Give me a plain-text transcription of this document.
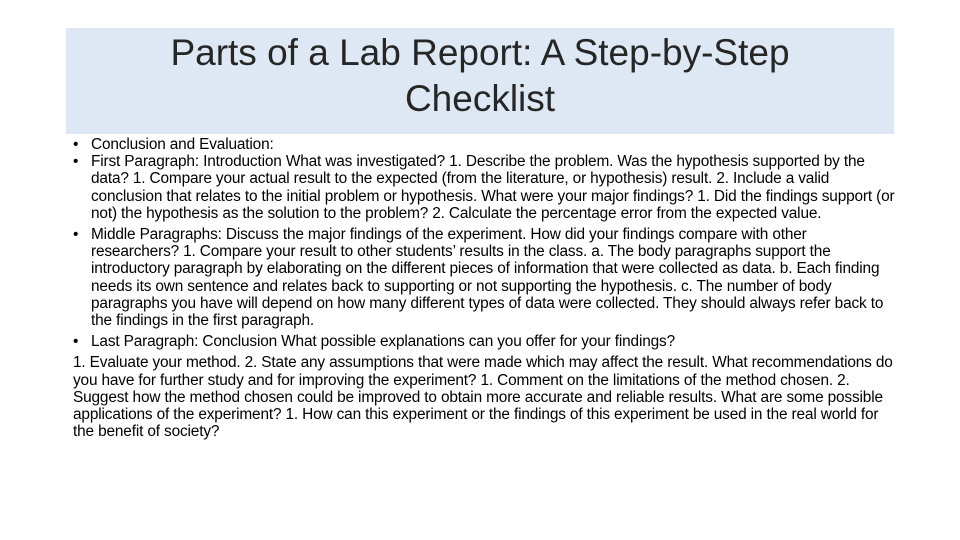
Parts of a Lab Report: A Step-by-Step
Checklist
• Conclusion and Evaluation:
• First Paragraph: Introduction What was investigated? 1. Describe the problem. Was the hypothesis supported by the data? 1. Compare your actual result to the expected (from the literature, or hypothesis) result. 2. Include a valid conclusion that relates to the initial problem or hypothesis. What were your major findings? 1. Did the findings support (or not) the hypothesis as the solution to the problem? 2. Calculate the percentage error from the expected value.
• Middle Paragraphs: Discuss the major findings of the experiment. How did your findings compare with other researchers? 1. Compare your result to other students’ results in the class. a. The body paragraphs support the introductory paragraph by elaborating on the different pieces of information that were collected as data. b. Each finding needs its own sentence and relates back to supporting or not supporting the hypothesis. c. The number of body paragraphs you have will depend on how many different types of data were collected. They should always refer back to the findings in the first paragraph.
• Last Paragraph: Conclusion What possible explanations can you offer for your findings?
1. Evaluate your method. 2. State any assumptions that were made which may affect the result. What recommendations do you have for further study and for improving the experiment? 1. Comment on the limitations of the method chosen. 2. Suggest how the method chosen could be improved to obtain more accurate and reliable results. What are some possible applications of the experiment? 1. How can this experiment or the findings of this experiment be used in the real world for the benefit of society?
